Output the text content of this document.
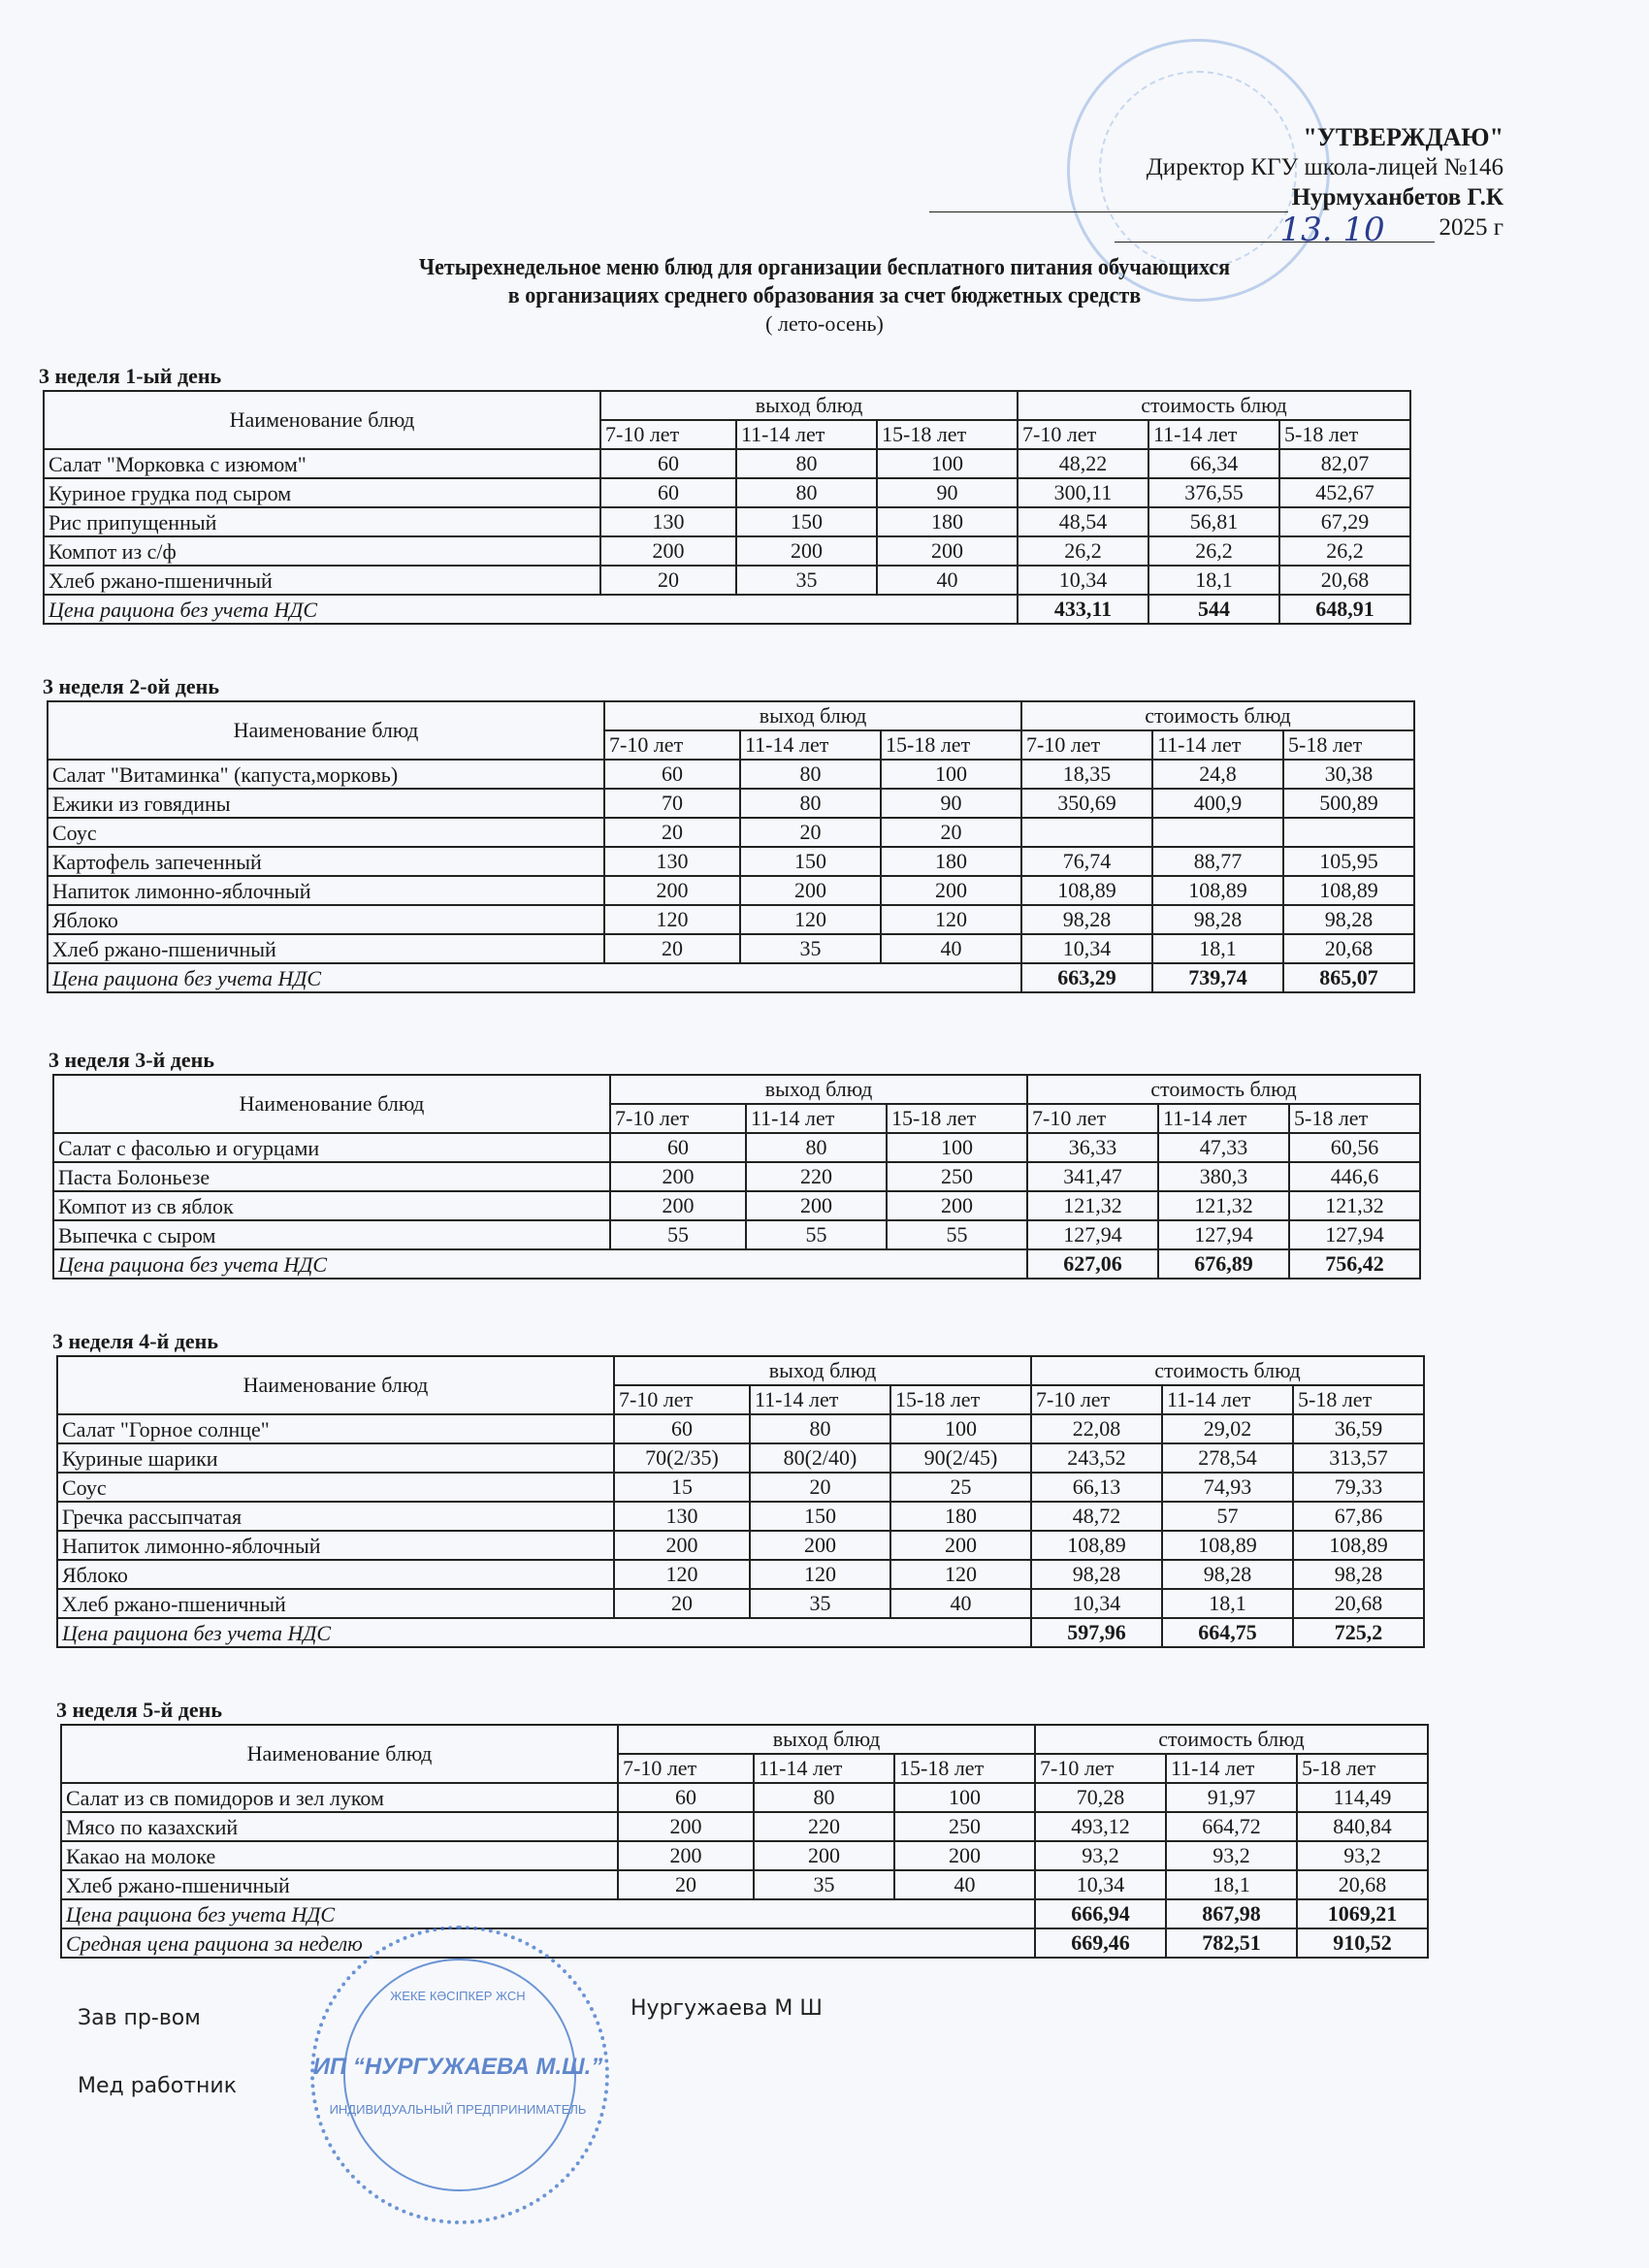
"УТВЕРЖДАЮ"
Директор КГУ школа-лицей №146
Нурмуханбетов Г.К
13. 10 2025 г
Четырехнедельное меню блюд для организации бесплатного питания обучающихся
в организациях среднего образования за счет бюджетных средств
( лето-осень)
3 неделя 1-ый день
Наименование блюд	выход блюд			стоимость блюд		
	7-10 лет	11-14 лет	15-18 лет	7-10 лет	11-14 лет	5-18 лет
Салат "Морковка с изюмом"	60	80	100	48,22	66,34	82,07
Куриное грудка под сыром	60	80	90	300,11	376,55	452,67
Рис припущенный	130	150	180	48,54	56,81	67,29
Компот из с/ф	200	200	200	26,2	26,2	26,2
Хлеб ржано-пшеничный	20	35	40	10,34	18,1	20,68
Цена рациона без учета НДС				433,11	544	648,91
3 неделя 2-ой день
Наименование блюд	выход блюд			стоимость блюд		
	7-10 лет	11-14 лет	15-18 лет	7-10 лет	11-14 лет	5-18 лет
Салат "Витаминка" (капуста,морковь)	60	80	100	18,35	24,8	30,38
Ежики из говядины	70	80	90	350,69	400,9	500,89
Соус	20	20	20			
Картофель запеченный	130	150	180	76,74	88,77	105,95
Напиток лимонно-яблочный	200	200	200	108,89	108,89	108,89
Яблоко	120	120	120	98,28	98,28	98,28
Хлеб ржано-пшеничный	20	35	40	10,34	18,1	20,68
Цена рациона без учета НДС				663,29	739,74	865,07
3 неделя 3-й день
Наименование блюд	выход блюд			стоимость блюд		
	7-10 лет	11-14 лет	15-18 лет	7-10 лет	11-14 лет	5-18 лет
Салат с фасолью и огурцами	60	80	100	36,33	47,33	60,56
Паста Болоньезе	200	220	250	341,47	380,3	446,6
Компот из св яблок	200	200	200	121,32	121,32	121,32
Выпечка с сыром	55	55	55	127,94	127,94	127,94
Цена рациона без учета НДС				627,06	676,89	756,42
3 неделя 4-й день
Наименование блюд	выход блюд			стоимость блюд		
	7-10 лет	11-14 лет	15-18 лет	7-10 лет	11-14 лет	5-18 лет
Салат "Горное солнце"	60	80	100	22,08	29,02	36,59
Куриные шарики	70(2/35)	80(2/40)	90(2/45)	243,52	278,54	313,57
Соус	15	20	25	66,13	74,93	79,33
Гречка рассыпчатая	130	150	180	48,72	57	67,86
Напиток лимонно-яблочный	200	200	200	108,89	108,89	108,89
Яблоко	120	120	120	98,28	98,28	98,28
Хлеб ржано-пшеничный	20	35	40	10,34	18,1	20,68
Цена рациона без учета НДС				597,96	664,75	725,2
3 неделя 5-й день
Наименование блюд	выход блюд			стоимость блюд		
	7-10 лет	11-14 лет	15-18 лет	7-10 лет	11-14 лет	5-18 лет
Салат из св помидоров и зел луком	60	80	100	70,28	91,97	114,49
Мясо по казахский	200	220	250	493,12	664,72	840,84
Какао на молоке	200	200	200	93,2	93,2	93,2
Хлеб ржано-пшеничный	20	35	40	10,34	18,1	20,68
Цена рациона без учета НДС				666,94	867,98	1069,21
Средная цена рациона за неделю				669,46	782,51	910,52
Зав пр-вом	Нургужаева М Ш
Мед работник
ЖЕКЕ КӘСІПКЕР ЖСН
ИП “НУРГУЖАЕВА М.Ш.”
ИНДИВИДУАЛЬНЫЙ ПРЕДПРИНИМАТЕЛЬ
